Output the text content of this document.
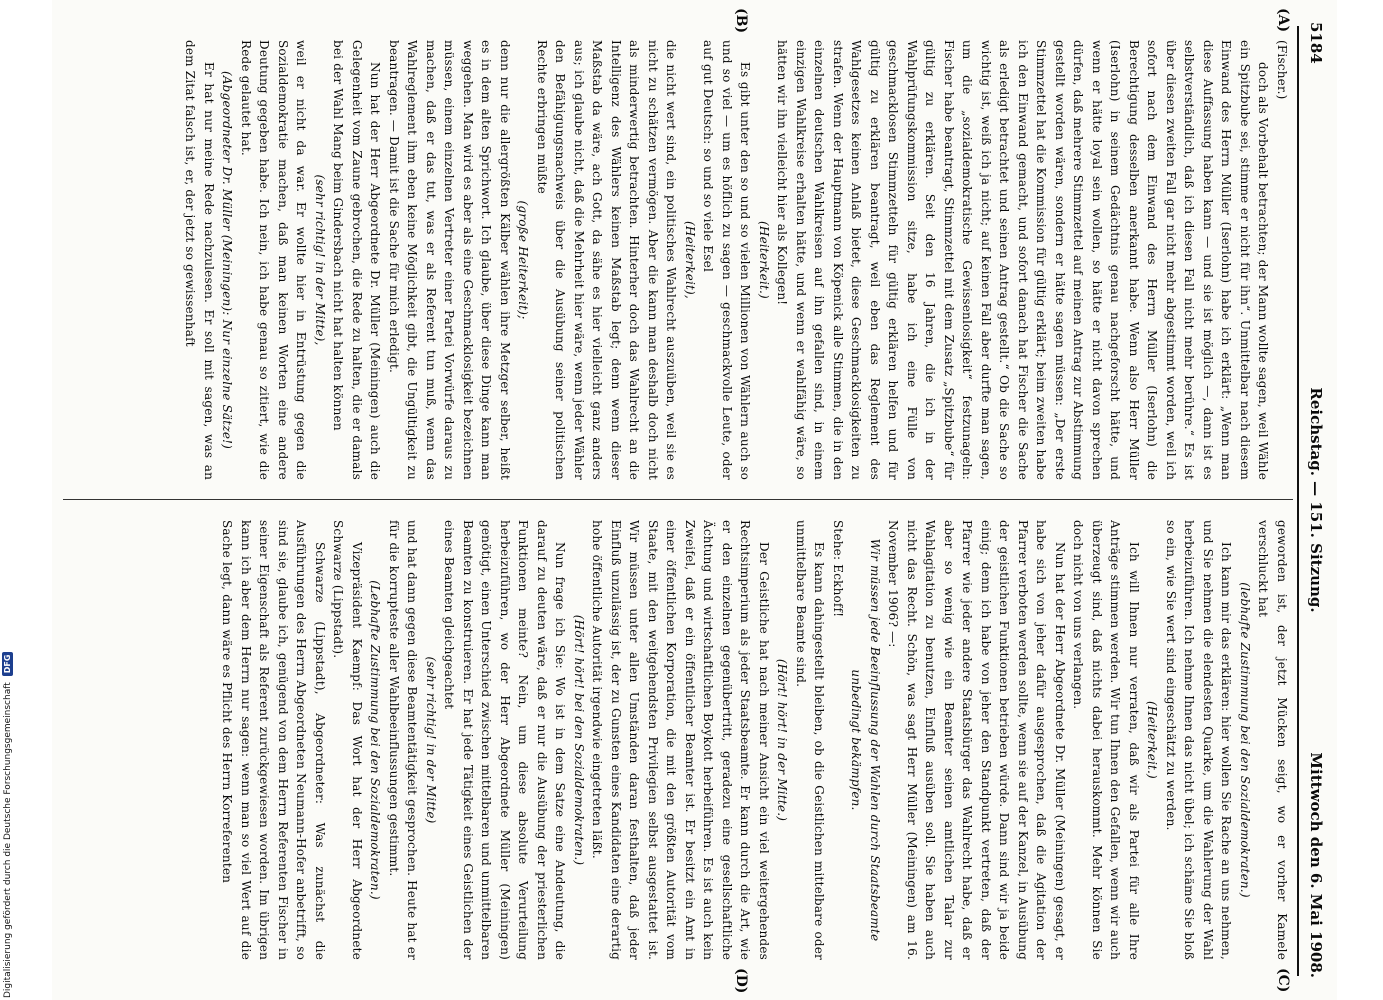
5184
Reichstag. — 151. Sitzung.
Mittwoch den 6. Mai 1908.
(A)
(B)
(C)
(D)

(Fischer.)

doch als Vorbehalt betrachten; der Mann wollte sagen, weil Wähle ein Spitzbube sei, stimme er nicht für ihn“. Unmittelbar nach diesem Einwand des Herrn Müller (Iserlohn) habe ich erklärt: „Wenn man diese Auffassung haben kann — und sie ist möglich —, dann ist es selbstverständlich, daß ich diesen Fall nicht mehr berühre.“ Es ist über diesen zweiten Fall gar nicht mehr abgestimmt worden, weil ich sofort nach dem Einwand des Herrn Müller (Iserlohn) die Berechtigung desselben anerkannt habe. Wenn also Herr Müller (Iserlohn) in seinem Gedächtnis genau nachgeforscht hätte, und wenn er hätte loyal sein wollen, so hätte er nicht davon sprechen dürfen, daß mehrere Stimmzettel auf meinen Antrag zur Abstimmung gestellt worden wären, sondern er hätte sagen müssen: „Der erste Stimmzettel hat die Kommission für gültig erklärt; beim zweiten habe ich den Einwand gemacht, und sofort danach hat Fischer die Sache als erledigt betrachtet und seinen Antrag gestellt.“ Ob die Sache so wichtig ist, weiß ich ja nicht; auf keinen Fall aber durfte man sagen, um die „sozialdemokratische Gewissenlosigkeit“ festzunageln: Fischer habe beantragt, Stimmzettel mit dem Zusatz „Spitzbube“ für gültig zu erklären. Seit den 16 Jahren, die ich in der Wahlprüfungskommission sitze, habe ich eine Fülle von geschmacklosen Stimmzetteln für gültig erklären helfen und für gültig zu erklären beantragt, weil eben das Reglement des Wahlgesetzes keinen Anlaß bietet, diese Geschmacklosigkeiten zu strafen. Wenn der Hauptmann von Köpenick alle Stimmen, die in den einzelnen deutschen Wahlkreisen auf ihn gefallen sind, in einem einzigen Wahlkreise erhalten hätte, und wenn er wahlfähig wäre, so hätten wir ihn vielleicht hier als Kollegen!

(Heiterkeit.)

Es gibt unter den so und so vielen Millionen von Wählern auch so und so viel — um es höflich zu sagen — geschmackvolle Leute, oder auf gut Deutsch: so und so viele Esel

(Heiterkeit),

die nicht wert sind, ein politisches Wahlrecht auszuüben, weil sie es nicht zu schätzen vermögen. Aber die kann man deshalb doch nicht als minderwertig betrachten. Hinterher doch das Wahlrecht an die Intelligenz des Wählers keinen Maßstab legt; denn wenn dieser Maßstab da wäre, ach Gott, da sähe es hier vielleicht ganz anders aus; ich glaube nicht, daß die Mehrheit hier wäre, wenn jeder Wähler den Befähigungsnachweis über die Ausübung seiner politischen Rechte erbringen müßte

(große Heiterkeit);

denn nur die allergrößten Kälber wählen ihre Metzger selber, heißt es in dem alten Sprichwort. Ich glaube, über diese Dinge kann man weggehen. Man wird es aber als eine Geschmacklosigkeit bezeichnen müssen, einem einzelnen Vertreter einer Partei Vorwürfe daraus zu machen, daß er das tut, was er als Referent tun muß, wenn das Wahlreglement ihm eben keine Möglichkeit gibt, die Ungültigkeit zu beantragen. — Damit ist die Sache für mich erledigt.

Nun hat der Herr Abgeordnete Dr. Müller (Meiningen) auch die Gelegenheit vom Zaune gebrochen, die Rede zu halten, die er damals bei der Wahl Mang beim Gindersbach nicht hat halten können

(sehr richtig! in der Mitte),

weil er nicht da war. Er wollte hier in Entrüstung gegen die Sozialdemokratie machen, daß man keinen Worten eine andere Deutung gegeben habe. Ich nein, ich habe genau so zitiert, wie die Rede gelautet hat.

(Abgeordneter Dr. Müller (Meiningen): Nur einzelne Sätze!)

Er hat nur meine Rede nachzulesen. Er soll mit sagen, was an dem Zitat falsch ist, er, der jetzt so gewissenhaft

geworden ist, der jetzt Mücken seigt, wo er vorher Kamele verschluckt hat

(lebhafte Zustimmung bei den Sozialdemokraten.)

Ich kann mir das erklären: hier wollen Sie Rache an uns nehmen, und Sie nehmen die elendesten Quarke, um die Wahlerung der Wahl herbeizuführen. Ich nehme Ihnen das nicht übel; ich schäme Sie bloß so ein, wie Sie wert sind eingeschätzt zu werden.

(Heiterkeit.)

Ich will Ihnen nur verraten, daß wir als Partei für alle Ihre Anträge stimmen werden. Wir tun Ihnen den Gefallen, wenn wir auch überzeugt sind, daß nichts dabei herauskommt. Mehr können Sie doch nicht von uns verlangen.

Nun hat der Herr Abgeordnete Dr. Müller (Meiningen) gesagt, er habe sich von jeher dafür ausgesprochen, daß die Agitation der Pfarrer verboten werden sollte, wenn sie auf der Kanzel, in Ausübung der geistlichen Funktionen betrieben würde. Dann sind wir ja beide einig; denn ich habe von jeher den Standpunkt vertreten, daß der Pfarrer wie jeder andere Staatsbürger das Wahlrecht habe, daß er aber so wenig wie ein Beamter seinen amtlichen Talar zur Wahlagitation zu benutzen, Einfluß ausüben soll. Sie haben auch nicht das Recht. Schön, was sagt Herr Müller (Meiningen) am 16. November 1906? —:

Wir müssen jede Beeinflussung der Wahlen durch Staatsbeamte unbedingt bekämpfen.

Stehe: Eckhoff!

Es kann dahingestellt bleiben, ob die Geistlichen mittelbare oder unmittelbare Beamte sind.

(Hört! hört! in der Mitte.)

Der Geistliche hat nach meiner Ansicht ein viel weitergehendes Rechtsimperium als jeder Staatsbeamte. Er kann durch die Art, wie er den einzelnen gegenübertritt, geradezu eine gesellschaftliche Ächtung und wirtschaftlichen Boykott herbeiführen. Es ist auch kein Zweifel, daß er ein öffentlicher Beamter ist. Er besitzt ein Amt in einer öffentlichen Korporation, die mit den größten Autorität vom Staate, mit den weitgehendsten Privilegien selbst ausgestattet ist. Wir müssen unter allen Umständen daran festhalten, daß jeder Einfluß unzulässig ist, der zu Gunsten eines Kandidaten eine derartig hohe öffentliche Autorität irgendwie eingetreten läßt.

(Hört! hört! bei den Sozialdemokraten.)

Nun frage ich Sie: Wo ist in dem Satze eine Andeutung, die darauf zu deuten wäre, daß er nur die Ausübung der priesterlichen Funktionen meinte? Nein, um diese absolute Verurteilung herbeizuführen, wo der Herr Abgeordnete Müller (Meiningen) genötigt, einen Unterschied zwischen mittelbaren und unmittelbaren Beamten zu konstruieren. Er hat jede Tätigkeit eines Geistlichen der eines Beamten gleichgeachtet

(sehr richtig! in der Mitte)

und hat dann gegen diese Beamtentätigkeit gesprochen. Heute hat er für die korrupteste aller Wahlbeeinflussungen gestimmt.

(Lebhafte Zustimmung bei den Sozialdemokraten.)

Vizepräsident Kaempf: Das Wort hat der Herr Abgeordnete Schwarze (Lippstadt).

Schwarze (Lippstadt), Abgeordneter: Was zunächst die Ausführungen des Herrn Abgeordneten Neumann-Hofer anbetrifft, so sind sie, glaube ich, genügend von dem Herrn Referenten Fischer in seiner Eigenschaft als Referent zurückgewiesen worden. Im übrigen kann ich aber dem Herrn nur sagen: wenn man so viel Wert auf die Sache legt, dann wäre es Pflicht des Herrn Korreferenten

Digitalisierung gefördert durch die Deutsche Forschungsgemeinschaft
DFG
